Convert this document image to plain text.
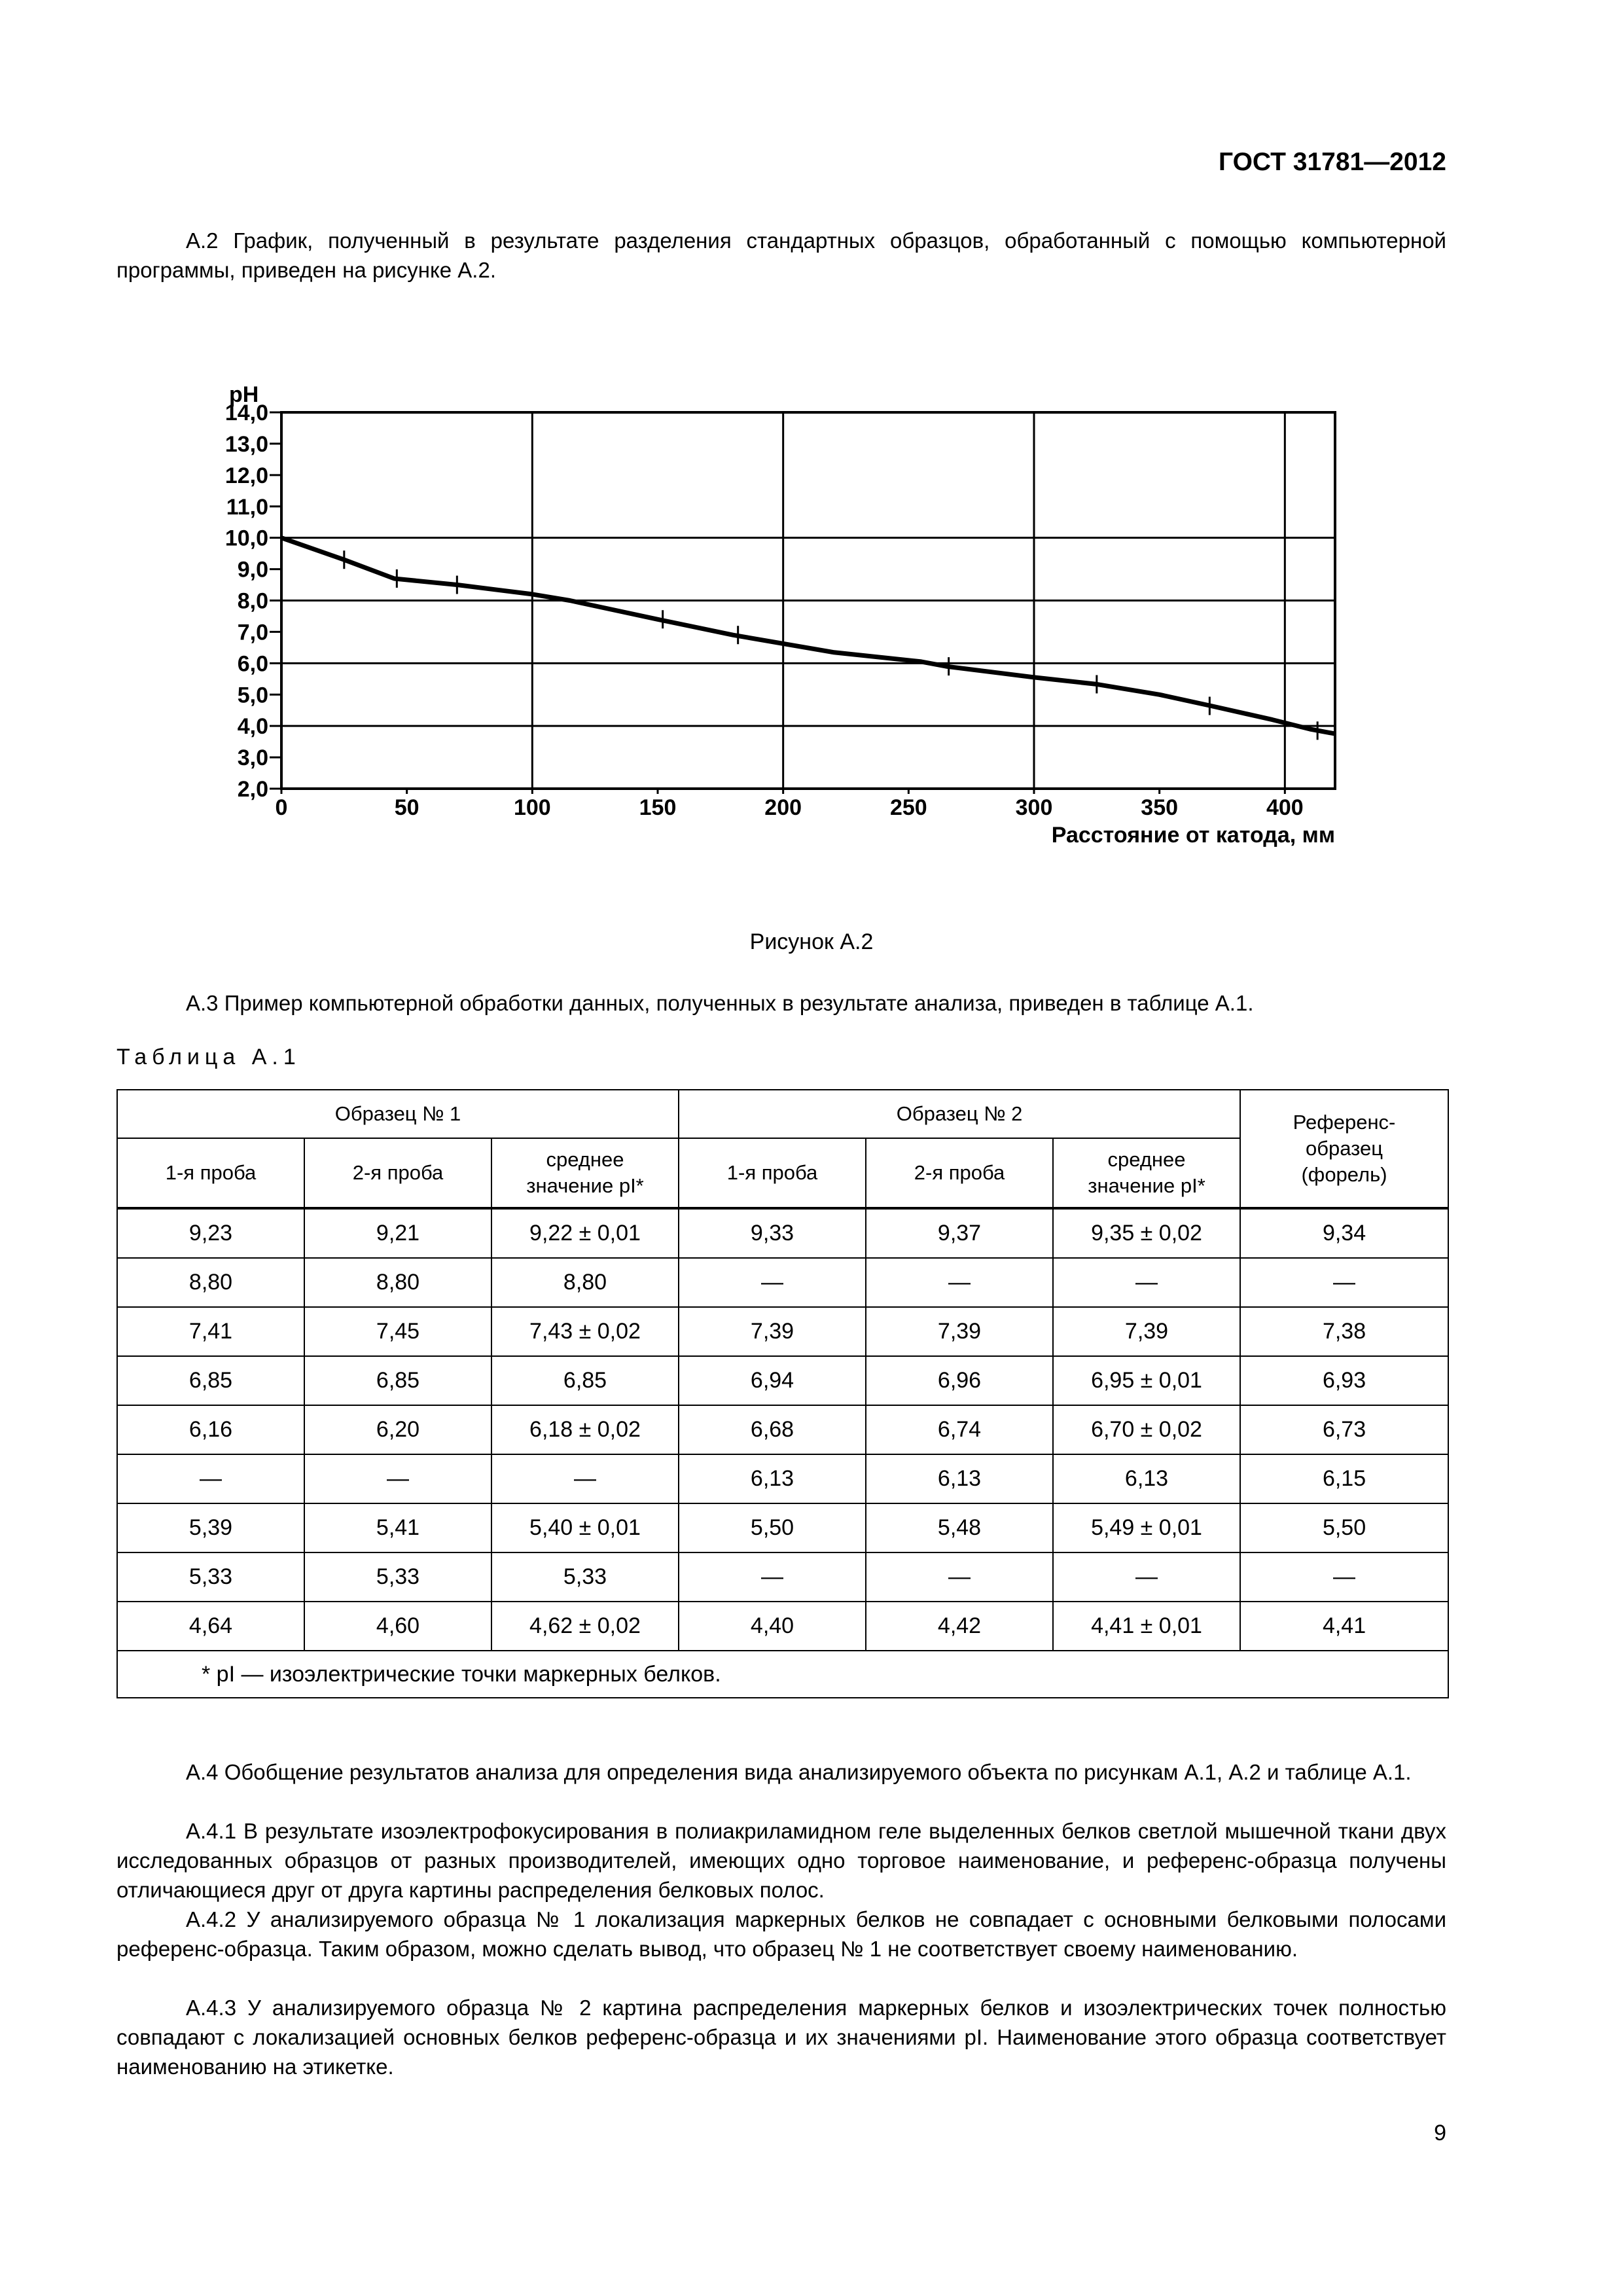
ГОСТ 31781—2012
А.2 График, полученный в результате разделения стандартных образцов, обработанный с помощью компьютерной программы, приведен на рисунке А.2.
14,0
13,0
12,0
11,0
10,0
9,0
8,0
7,0
6,0
5,0
4,0
3,0
2,0
pH
0	50	100	150	200	250	300	350	400
Расстояние от катода, мм
Рисунок А.2
А.3 Пример компьютерной обработки данных, полученных в результате анализа, приведен в таблице А.1.
Таблица А.1
Образец № 1			Образец № 2			Референс-образец (форель)
1-я проба	2-я проба	среднее значение pI*	1-я проба	2-я проба	среднее значение pI*	
9,23	9,21	9,22 ± 0,01	9,33	9,37	9,35 ± 0,02	9,34
8,80	8,80	8,80	—	—	—	—
7,41	7,45	7,43 ± 0,02	7,39	7,39	7,39	7,38
6,85	6,85	6,85	6,94	6,96	6,95 ± 0,01	6,93
6,16	6,20	6,18 ± 0,02	6,68	6,74	6,70 ± 0,02	6,73
—	—	—	6,13	6,13	6,13	6,15
5,39	5,41	5,40 ± 0,01	5,50	5,48	5,49 ± 0,01	5,50
5,33	5,33	5,33	—	—	—	—
4,64	4,60	4,62 ± 0,02	4,40	4,42	4,41 ± 0,01	4,41
* pI — изоэлектрические точки маркерных белков.						
А.4 Обобщение результатов анализа для определения вида анализируемого объекта по рисункам А.1, А.2 и таблице А.1.
А.4.1 В результате изоэлектрофокусирования в полиакриламидном геле выделенных белков светлой мышечной ткани двух исследованных образцов от разных производителей, имеющих одно торговое наименование, и референс-образца получены отличающиеся друг от друга картины распределения белковых полос.
А.4.2 У анализируемого образца № 1 локализация маркерных белков не совпадает с основными белковыми полосами референс-образца. Таким образом, можно сделать вывод, что образец № 1 не соответствует своему наименованию.
А.4.3 У анализируемого образца № 2 картина распределения маркерных белков и изоэлектрических точек полностью совпадают с локализацией основных белков референс-образца и их значениями pI. Наименование этого образца соответствует наименованию на этикетке.
9
